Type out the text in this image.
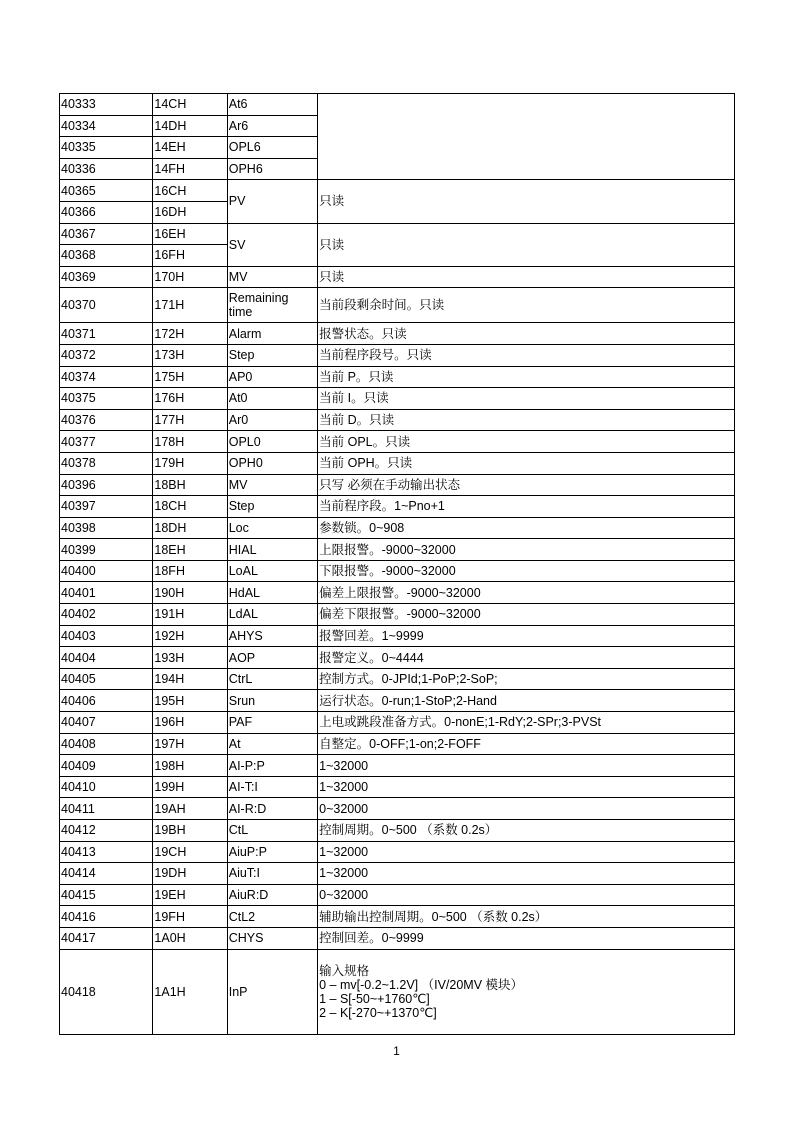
40333	14CH	At6	
40334	14DH	Ar6	
40335	14EH	OPL6	
40336	14FH	OPH6	
40365	16CH	PV	只读
40366	16DH		
40367	16EH	SV	只读
40368	16FH		
40369	170H	MV	只读
40370	171H	Remaining
time	当前段剩余时间。只读
40371	172H	Alarm	报警状态。只读
40372	173H	Step	当前程序段号。只读
40374	175H	AP0	当前 P。只读
40375	176H	At0	当前 I。只读
40376	177H	Ar0	当前 D。只读
40377	178H	OPL0	当前 OPL。只读
40378	179H	OPH0	当前 OPH。只读
40396	18BH	MV	只写 必须在手动输出状态
40397	18CH	Step	当前程序段。1~Pno+1
40398	18DH	Loc	参数锁。0~908
40399	18EH	HIAL	上限报警。-9000~32000
40400	18FH	LoAL	下限报警。-9000~32000
40401	190H	HdAL	偏差上限报警。-9000~32000
40402	191H	LdAL	偏差下限报警。-9000~32000
40403	192H	AHYS	报警回差。1~9999
40404	193H	AOP	报警定义。0~4444
40405	194H	CtrL	控制方式。0-JPId;1-PoP;2-SoP;
40406	195H	Srun	运行状态。0-run;1-StoP;2-Hand
40407	196H	PAF	上电或跳段准备方式。0-nonE;1-RdY;2-SPr;3-PVSt
40408	197H	At	自整定。0-OFF;1-on;2-FOFF
40409	198H	AI-P:P	1~32000
40410	199H	AI-T:I	1~32000
40411	19AH	AI-R:D	0~32000
40412	19BH	CtL	控制周期。0~500 （系数 0.2s）
40413	19CH	AiuP:P	1~32000
40414	19DH	AiuT:I	1~32000
40415	19EH	AiuR:D	0~32000
40416	19FH	CtL2	辅助输出控制周期。0~500 （系数 0.2s）
40417	1A0H	CHYS	控制回差。0~9999
40418	1A1H	InP	输入规格
0 – mv[-0.2~1.2V] （IV/20MV 模块）
1 – S[-50~+1760℃]
2 – K[-270~+1370℃]
1
